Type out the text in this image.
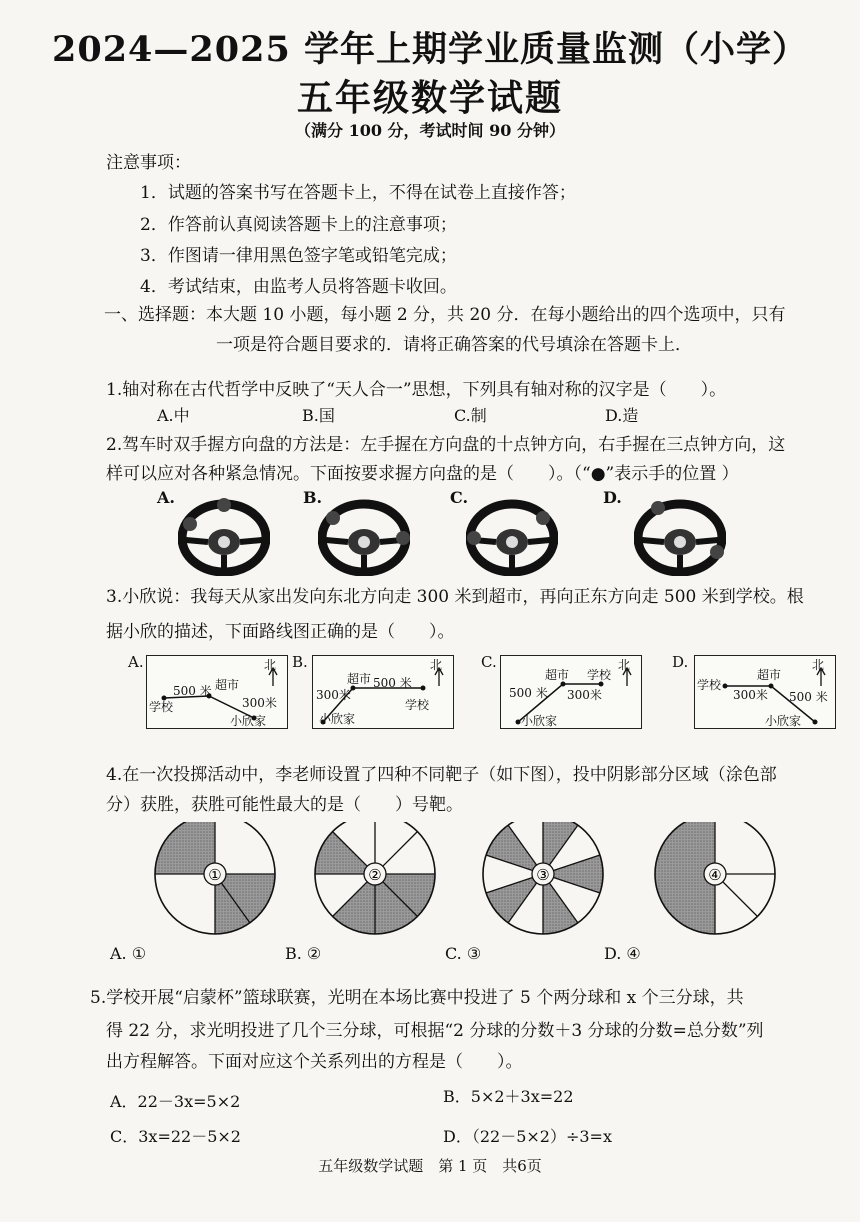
2024—2025 学年上期学业质量监测（小学）
五年级数学试题
（满分 100 分，考试时间 90 分钟）
注意事项：
1．试题的答案书写在答题卡上，不得在试卷上直接作答；
2．作答前认真阅读答题卡上的注意事项；
3．作图请一律用黑色签字笔或铅笔完成；
4．考试结束，由监考人员将答题卡收回。
一、选择题：本大题 10 小题，每小题 2 分，共 20 分．在每小题给出的四个选项中，只有
一项是符合题目要求的．请将正确答案的代号填涂在答题卡上．
1.轴对称在古代哲学中反映了“天人合一”思想，下列具有轴对称的汉字是（　　）。
A.中	B.国	C.制	D.造
2.驾车时双手握方向盘的方法是：左手握在方向盘的十点钟方向，右手握在三点钟方向，这
样可以应对各种紧急情况。下面按要求握方向盘的是（　　）。（“●”表示手的位置 ）
A.	B.	C.	D.
3.小欣说：我每天从家出发向东北方向走 300 米到超市，再向正东方向走 500 米到学校。根
据小欣的描述，下面路线图正确的是（　　）。
A.	北
学校
500 米 超市
300米
小欣家
B.	北
超市 500 米
300米
学校
小欣家
C.	北
超市 学校
500 米 300米
小欣家
D.	北
学校
超市
300米 500 米
小欣家
4.在一次投掷活动中，李老师设置了四种不同靶子（如下图），投中阴影部分区域（涂色部
分）获胜，获胜可能性最大的是（　　）号靶。
①	②	③	④
A. ①	B. ②	C. ③	D. ④
5.学校开展“启蒙杯”篮球联赛，光明在本场比赛中投进了 5 个两分球和 x 个三分球，共
得 22 分，求光明投进了几个三分球，可根据“2 分球的分数＋3 分球的分数=总分数”列
出方程解答。下面对应这个关系列出的方程是（　　）。
A．22－3x=5×2	B．5×2＋3x=22
C．3x=22－5×2	D．（22－5×2）÷3=x
五年级数学试题　第 1 页　共6页
